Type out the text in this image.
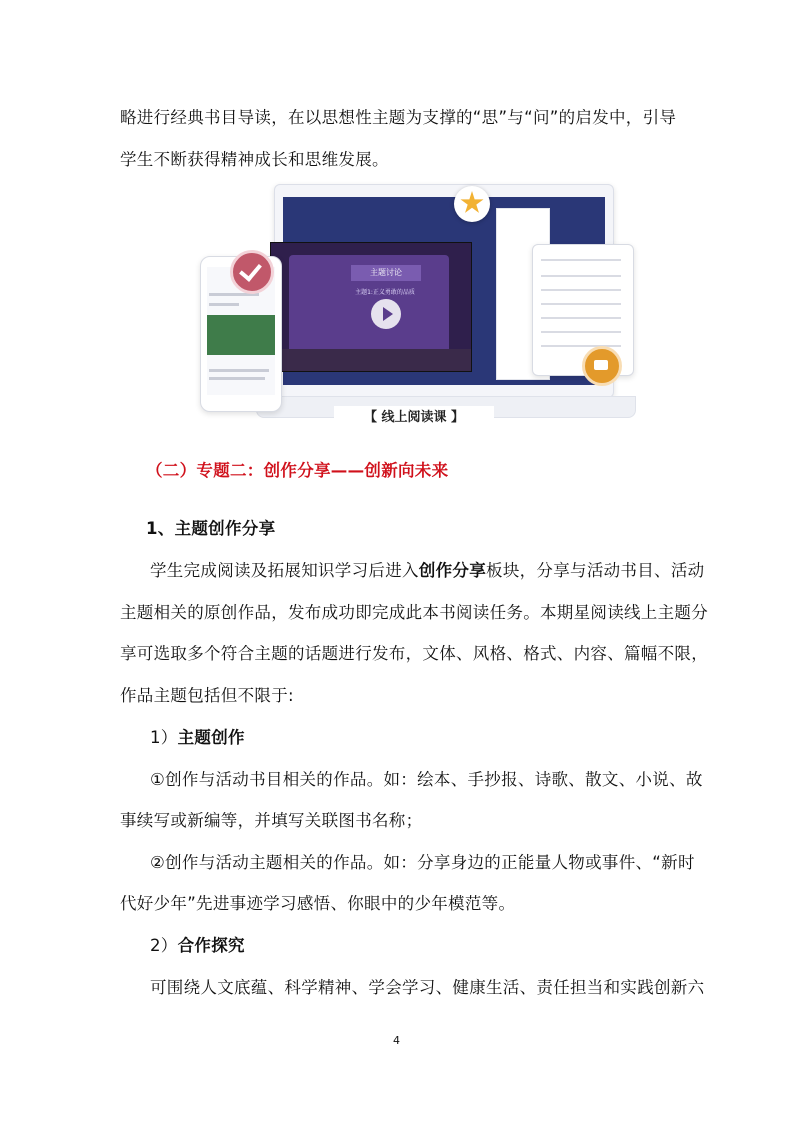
略进行经典书目导读，在以思想性主题为支撑的“思”与“问”的启发中，引导
学生不断获得精神成长和思维发展。
主题讨论
主题1:正义勇敢的品质
【 线上阅读课 】
（二）专题二：创作分享——创新向未来
1、主题创作分享
学生完成阅读及拓展知识学习后进入创作分享板块，分享与活动书目、活动
主题相关的原创作品，发布成功即完成此本书阅读任务。本期星阅读线上主题分
享可选取多个符合主题的话题进行发布，文体、风格、格式、内容、篇幅不限，
作品主题包括但不限于:
1）主题创作
①创作与活动书目相关的作品。如：绘本、手抄报、诗歌、散文、小说、故
事续写或新编等，并填写关联图书名称；
②创作与活动主题相关的作品。如：分享身边的正能量人物或事件、“新时
代好少年”先进事迹学习感悟、你眼中的少年模范等。
2）合作探究
可围绕人文底蕴、科学精神、学会学习、健康生活、责任担当和实践创新六
4
